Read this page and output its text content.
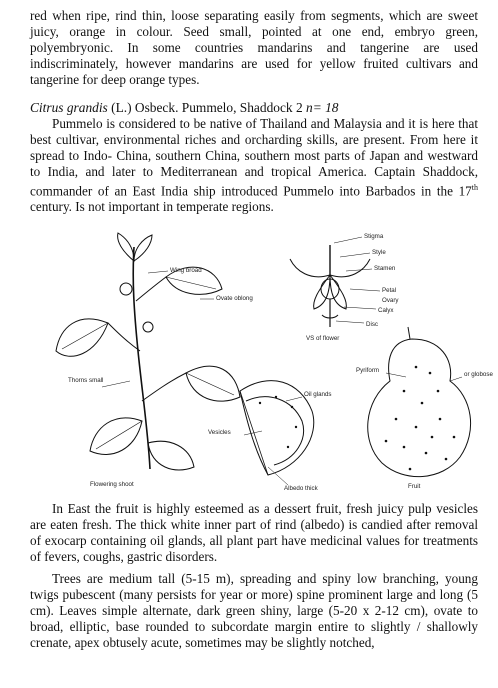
red when ripe, rind thin, loose separating easily from segments, which are sweet juicy, orange in colour. Seed small, pointed at one end, embryo green, polyembryonic. In some countries mandarins and tangerine are used indiscriminately, however mandarins are used for yellow fruited cultivars and tangerine for deep orange types.

Citrus grandis (L.) Osbeck. Pummelo, Shaddock 2 n= 18

Pummelo is considered to be native of Thailand and Malaysia and it is here that best cultivar, environmental riches and orcharding skills, are present. From here it spread to Indo- China, southern China, southern most parts of Japan and westward to India, and later to Mediterranean and tropical America. Captain Shaddock, commander of an East India ship introduced Pummelo into Barbados in the 17th century. Is not important in temperate regions.

Wing broad
Ovate oblong
Thorns small
Flowering shoot
Stigma
Style
Stamen
Petal
Ovary
Calyx
Disc
VS of flower
Pyriform
or globose
Oil glands
Vesicles
Albedo thick	Fruit

In East the fruit is highly esteemed as a dessert fruit, fresh juicy pulp vesicles are eaten fresh. The thick white inner part of rind (albedo) is candied after removal of exocarp containing oil glands, all plant part have medicinal values for treatments of fevers, coughs, gastric disorders.

Trees are medium tall (5-15 m), spreading and spiny low branching, young twigs pubescent (many persists for year or more) spine prominent large and long (5 cm). Leaves simple alternate, dark green shiny, large (5-20 x 2-12 cm), ovate to broad, elliptic, base rounded to subcordate margin entire to slightly / shallowly crenate, apex obtusely acute, sometimes may be slightly notched,
